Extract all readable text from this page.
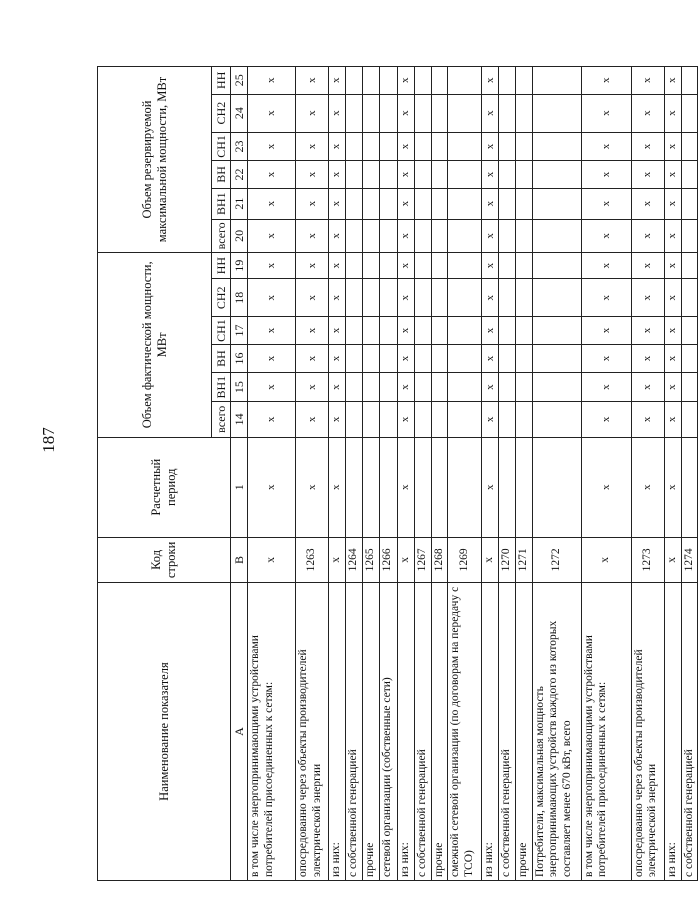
187
Наименование показателя	Код строки	Расчетный период	Объем фактической мощности, МВт						Объем резервируемой максимальной мощности, МВт					
			всего	ВН1	ВН	СН1	СН2	НН	всего	ВН1	ВН	СН1	СН2	НН
А	В	1	14	15	16	17	18	19	20	21	22	23	24	25
в том числе энергопринимающими устройствами потребителей присоединенных к сетям:	х	х	х	х	х	х	х	х	х	х	х	х	х	х
опосредованно через объекты производителей электрической энергии	1263	х	х	х	х	х	х	х	х	х	х	х	х	х
из них:	х	х	х	х	х	х	х	х	х	х	х	х	х	х
с собственной генерацией	1264													
прочие	1265													
сетевой организации (собственные сети)	1266													
из них:	х	х	х	х	х	х	х	х	х	х	х	х	х	х
с собственной генерацией	1267													
прочие	1268													
смежной сетевой организации (по договорам на передачу с ТСО)	1269													
из них:	х	х	х	х	х	х	х	х	х	х	х	х	х	х
с собственной генерацией	1270													
прочие	1271													
Потребители, максимальная мощность энергопринимающих устройств каждого из которых составляет менее 670 кВт, всего	1272													
в том числе энергопринимающими устройствами потребителей присоединенных к сетям:	х	х	х	х	х	х	х	х	х	х	х	х	х	х
опосредованно через объекты производителей электрической энергии	1273	х	х	х	х	х	х	х	х	х	х	х	х	х
из них:	х	х	х	х	х	х	х	х	х	х	х	х	х	х
с собственной генерацией	1274													
